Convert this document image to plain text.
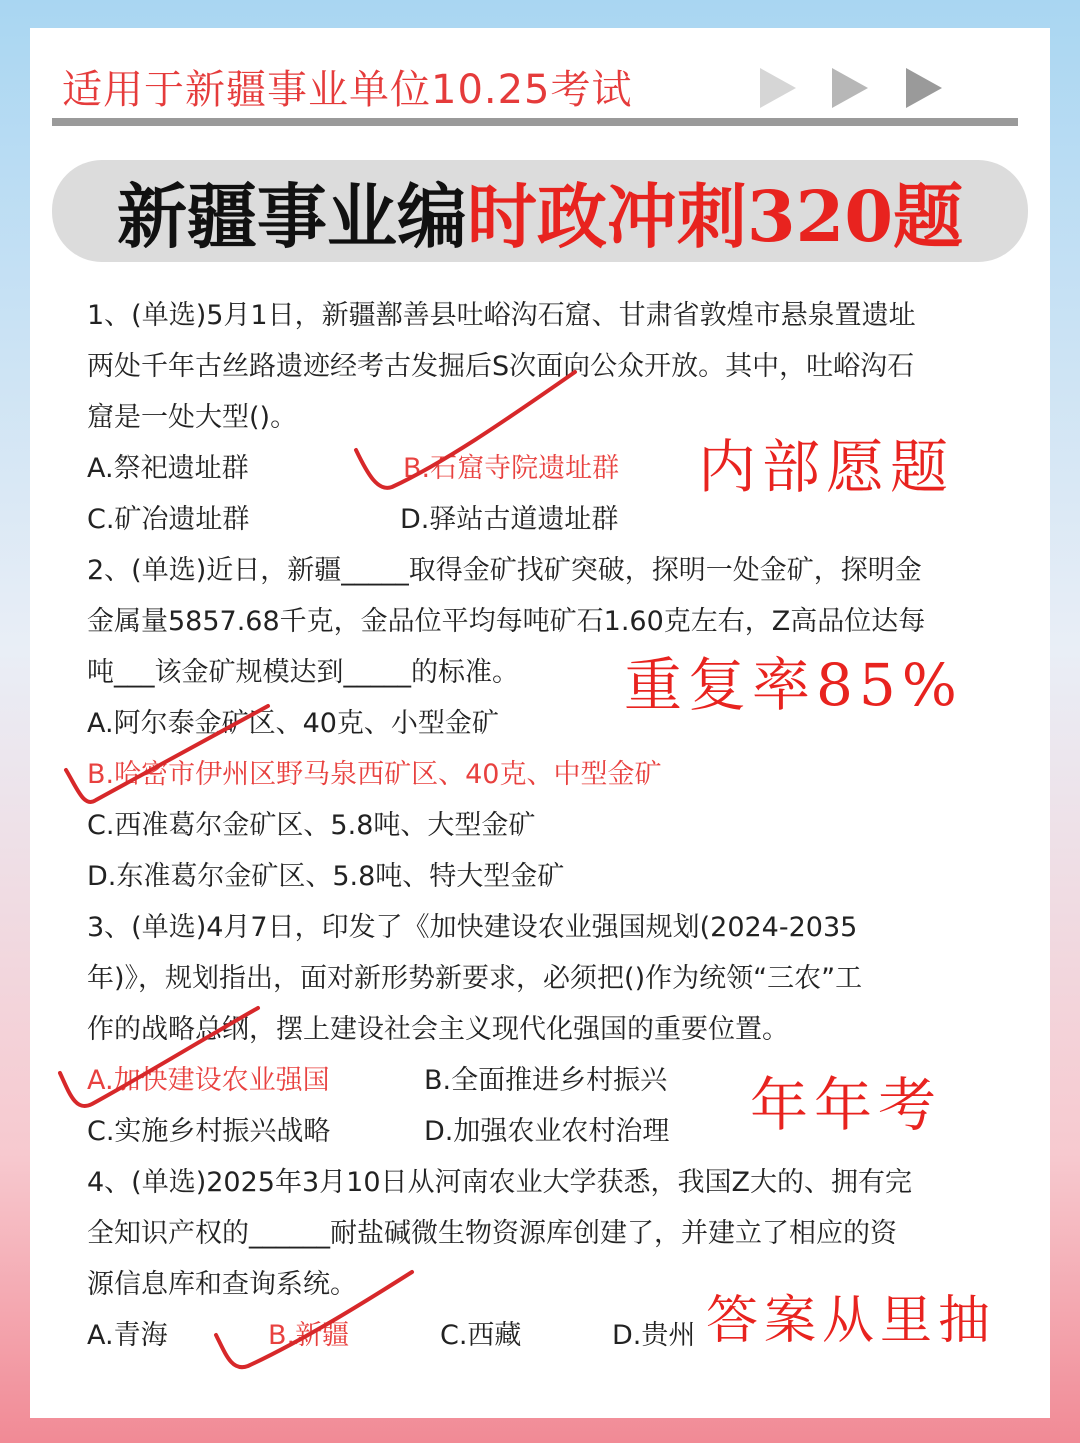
适用于新疆事业单位10.25考试
新疆事业编 时政冲刺320题
1、(单选)5月1日，新疆鄯善县吐峪沟石窟、甘肃省敦煌市悬泉置遗址
两处千年古丝路遗迹经考古发掘后S次面向公众开放。其中，吐峪沟石
窟是一处大型()。
A.祭祀遗址群	B.石窟寺院遗址群
C.矿冶遗址群	D.驿站古道遗址群
2、(单选)近日，新疆_____取得金矿找矿突破，探明一处金矿，探明金
金属量5857.68千克，金品位平均每吨矿石1.60克左右，Z高品位达每
吨___该金矿规模达到_____的标准。
A.阿尔泰金矿区、40克、小型金矿
B.哈密市伊州区野马泉西矿区、40克、中型金矿
C.西准葛尔金矿区、5.8吨、大型金矿
D.东准葛尔金矿区、5.8吨、特大型金矿
3、(单选)4月7日，印发了《加快建设农业强国规划(2024-2035
年)》，规划指出，面对新形势新要求，必须把()作为统领“三农”工
作的战略总纲，摆上建设社会主义现代化强国的重要位置。
A.加快建设农业强国	B.全面推进乡村振兴
C.实施乡村振兴战略	D.加强农业农村治理
4、(单选)2025年3月10日从河南农业大学获悉，我国Z大的、拥有完
全知识产权的______耐盐碱微生物资源库创建了，并建立了相应的资
源信息库和查询系统。
A.青海	B.新疆	C.西藏	D.贵州
内部愿题
重复率85%
年年考
答案从里抽
